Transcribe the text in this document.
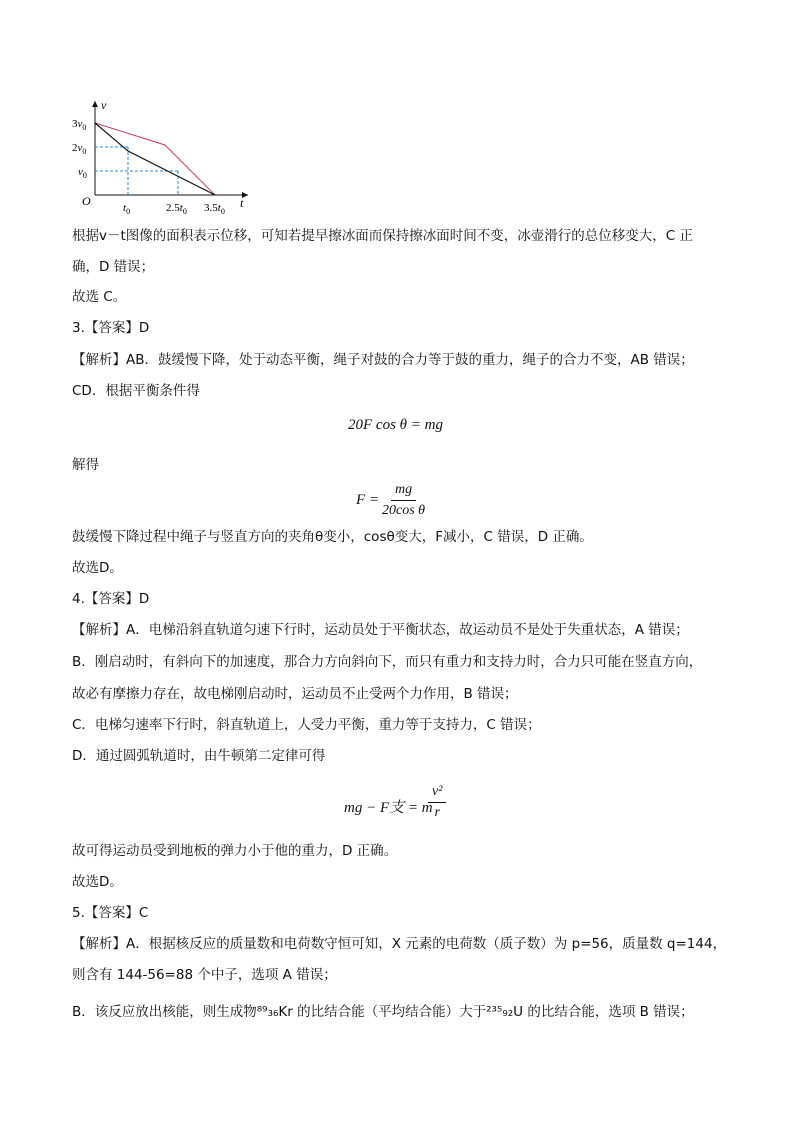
v
t
O
$3v_0$
$2v_0$
$v_0$
$t_0$	$2.5t_0$ $3.5t_0$
根据v－t图像的面积表示位移，可知若提早擦冰面而保持擦冰面时间不变，冰壶滑行的总位移变大，C 正
确，D 错误；
故选 C。
3.【答案】D
【解析】AB．鼓缓慢下降，处于动态平衡，绳子对鼓的合力等于鼓的重力，绳子的合力不变，AB 错误；
CD．根据平衡条件得
20F cos θ = mg
解得
$F = \frac{mg}{\text{20cos θ}}$
鼓缓慢下降过程中绳子与竖直方向的夹角θ变小，cosθ变大，F减小，C 错误，D 正确。
故选D。
4.【答案】D
【解析】A．电梯沿斜直轨道匀速下行时，运动员处于平衡状态，故运动员不是处于失重状态，A 错误；
B．刚启动时，有斜向下的加速度，那合力方向斜向下，而只有重力和支持力时，合力只可能在竖直方向，
故必有摩擦力存在，故电梯刚启动时，运动员不止受两个力作用，B 错误；
C．电梯匀速率下行时，斜直轨道上，人受力平衡，重力等于支持力，C 错误；
D．通过圆弧轨道时，由牛顿第二定律可得
mg − F支 = m
$\frac{\text{v²}}{r}$
故可得运动员受到地板的弹力小于他的重力，D 正确。
故选D。
5.【答案】C
【解析】A．根据核反应的质量数和电荷数守恒可知，X 元素的电荷数（质子数）为 p=56，质量数 q=144，
则含有 144-56=88 个中子，选项 A 错误；
B．该反应放出核能，则生成物⁸⁹₃₆Kr 的比结合能（平均结合能）大于²³⁵₉₂U 的比结合能，选项 B 错误；
